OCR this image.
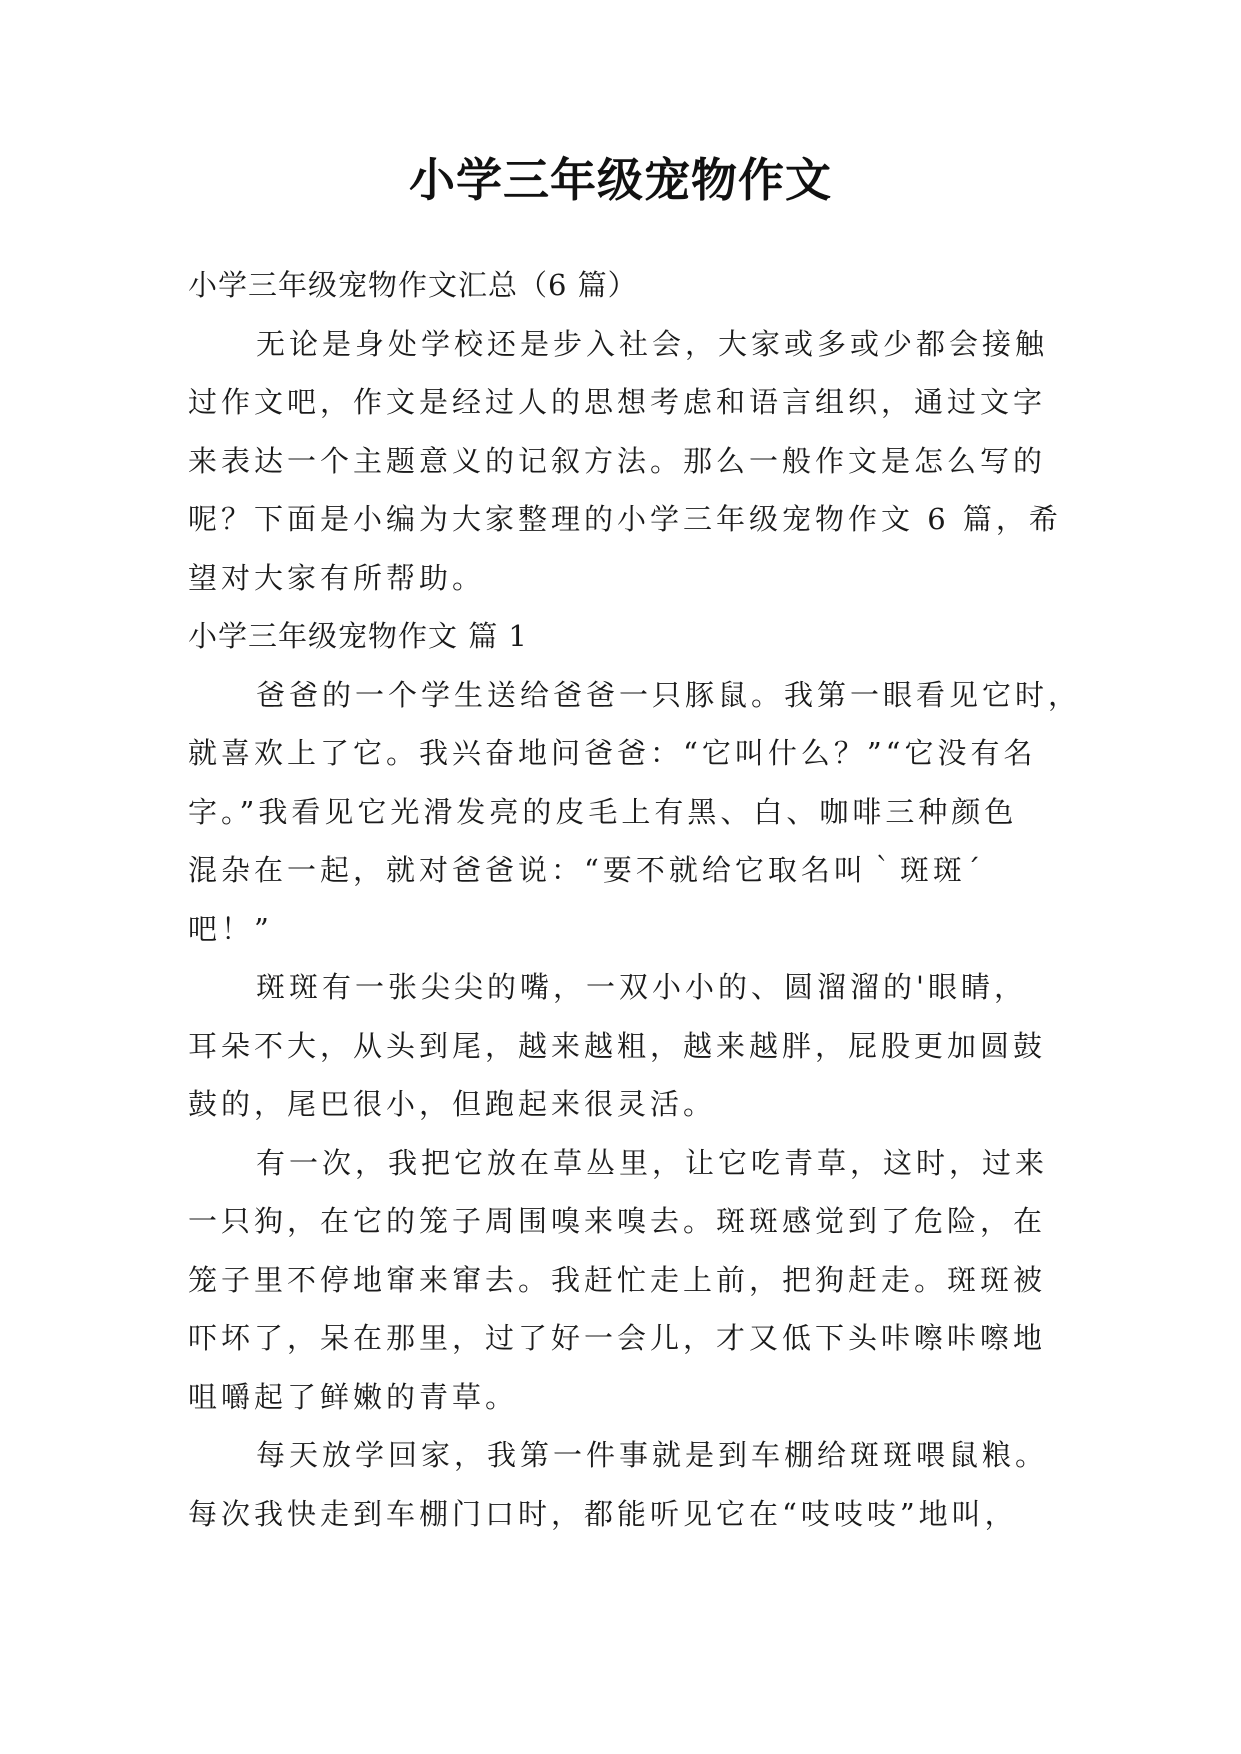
小学三年级宠物作文
小学三年级宠物作文汇总（6 篇）
无论是身处学校还是步入社会，大家或多或少都会接触
过作文吧，作文是经过人的思想考虑和语言组织，通过文字
来表达一个主题意义的记叙方法。那么一般作文是怎么写的
呢？下面是小编为大家整理的小学三年级宠物作文 6 篇，希
望对大家有所帮助。
小学三年级宠物作文 篇 1
爸爸的一个学生送给爸爸一只豚鼠。我第一眼看见它时，
就喜欢上了它。我兴奋地问爸爸：“它叫什么？”“它没有名
字。”我看见它光滑发亮的皮毛上有黑、白、咖啡三种颜色
混杂在一起，就对爸爸说：“要不就给它取名叫｀斑斑´
吧！”
斑斑有一张尖尖的嘴，一双小小的、圆溜溜的'眼睛，
耳朵不大，从头到尾，越来越粗，越来越胖，屁股更加圆鼓
鼓的，尾巴很小，但跑起来很灵活。
有一次，我把它放在草丛里，让它吃青草，这时，过来
一只狗，在它的笼子周围嗅来嗅去。斑斑感觉到了危险，在
笼子里不停地窜来窜去。我赶忙走上前，把狗赶走。斑斑被
吓坏了，呆在那里，过了好一会儿，才又低下头咔嚓咔嚓地
咀嚼起了鲜嫩的青草。
每天放学回家，我第一件事就是到车棚给斑斑喂鼠粮。
每次我快走到车棚门口时，都能听见它在“吱吱吱”地叫，
